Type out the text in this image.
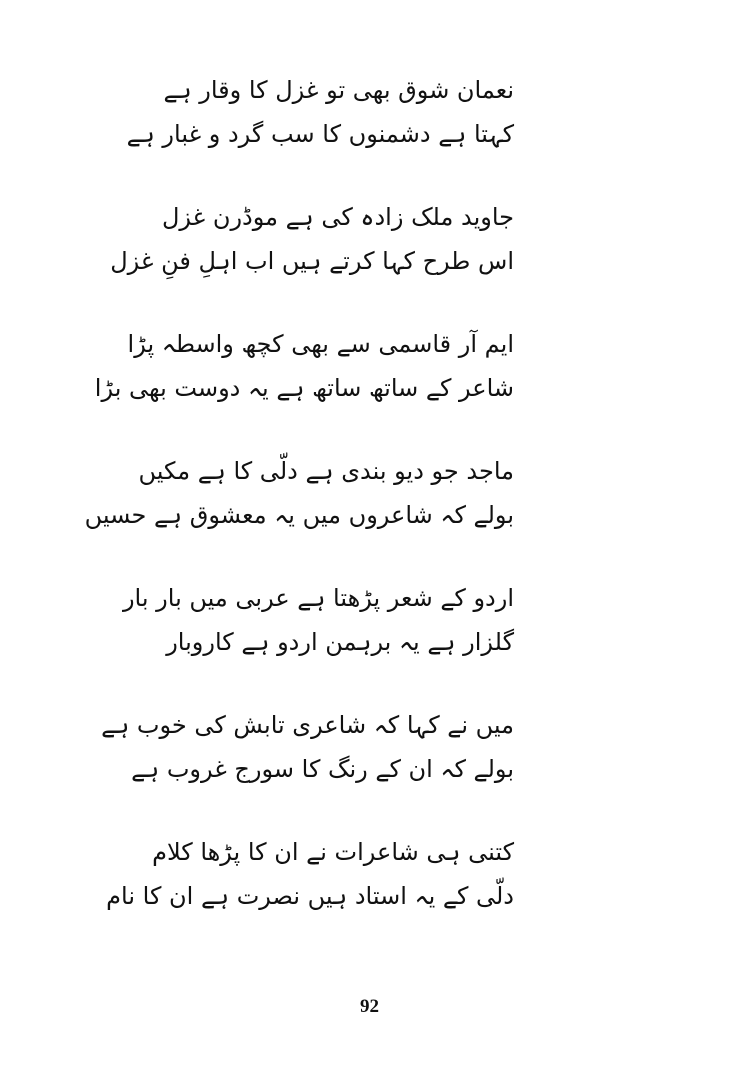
نعمان شوق بھی تو غزل کا وقار ہے
کہتا ہے دشمنوں کا سب گرد و غبار ہے
جاوید ملک زادہ کی ہے موڈرن غزل
اس طرح کہا کرتے ہیں اب اہلِ فنِ غزل
ایم آر قاسمی سے بھی کچھ واسطہ پڑا
شاعر کے ساتھ ساتھ ہے یہ دوست بھی بڑا
ماجد جو دیو بندی ہے دلّی کا ہے مکیں
بولے کہ شاعروں میں یہ معشوق ہے حسیں
اردو کے شعر پڑھتا ہے عربی میں بار بار
گلزار ہے یہ برہمن اردو ہے کاروبار
میں نے کہا کہ شاعری تابش کی خوب ہے
بولے کہ ان کے رنگ کا سورج غروب ہے
کتنی ہی شاعرات نے ان کا پڑھا کلام
دلّی کے یہ استاد ہیں نصرت ہے ان کا نام
92
